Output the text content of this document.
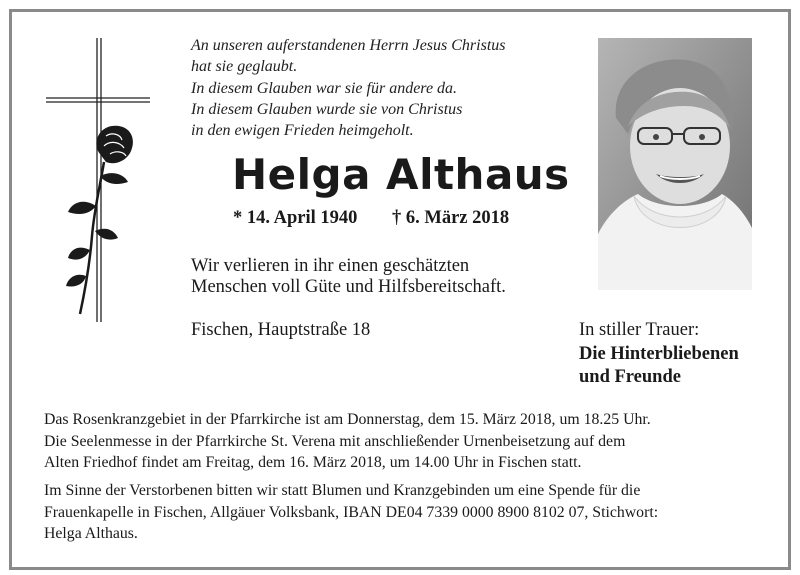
An unseren auferstandenen Herrn Jesus Christus
hat sie geglaubt.
In diesem Glauben war sie für andere da.
In diesem Glauben wurde sie von Christus
in den ewigen Frieden heimgeholt.
Helga Althaus
* 14. April 1940 † 6. März 2018
Wir verlieren in ihr einen geschätzten
Menschen voll Güte und Hilfsbereitschaft.
Fischen, Hauptstraße 18	In stiller Trauer:
Die Hinterbliebenen
und Freunde
Das Rosenkranzgebiet in der Pfarrkirche ist am Donnerstag, dem 15. März 2018, um 18.25 Uhr.
Die Seelenmesse in der Pfarrkirche St. Verena mit anschließender Urnenbeisetzung auf dem
Alten Friedhof findet am Freitag, dem 16. März 2018, um 14.00 Uhr in Fischen statt.
Im Sinne der Verstorbenen bitten wir statt Blumen und Kranzgebinden um eine Spende für die
Frauenkapelle in Fischen, Allgäuer Volksbank, IBAN DE04 7339 0000 8900 8102 07, Stichwort:
Helga Althaus.
